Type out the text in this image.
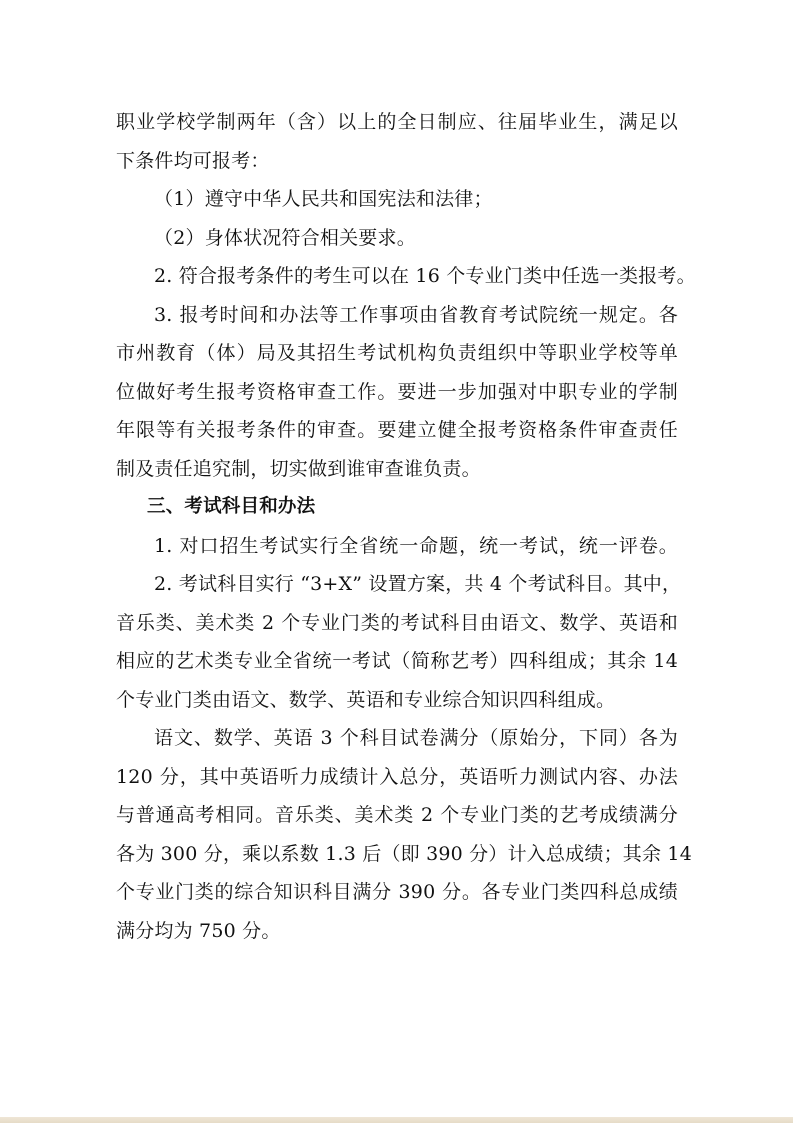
职业学校学制两年（含）以上的全日制应、往届毕业生，满足以
下条件均可报考：
（1）遵守中华人民共和国宪法和法律；
（2）身体状况符合相关要求。
2. 符合报考条件的考生可以在 16 个专业门类中任选一类报考。
3. 报考时间和办法等工作事项由省教育考试院统一规定。各
市州教育（体）局及其招生考试机构负责组织中等职业学校等单
位做好考生报考资格审查工作。要进一步加强对中职专业的学制
年限等有关报考条件的审查。要建立健全报考资格条件审查责任
制及责任追究制，切实做到谁审查谁负责。
三、考试科目和办法
1. 对口招生考试实行全省统一命题，统一考试，统一评卷。
2. 考试科目实行 “3+X” 设置方案，共 4 个考试科目。其中，
音乐类、美术类 2 个专业门类的考试科目由语文、数学、英语和
相应的艺术类专业全省统一考试（简称艺考）四科组成；其余 14
个专业门类由语文、数学、英语和专业综合知识四科组成。
语文、数学、英语 3 个科目试卷满分（原始分，下同）各为
120 分，其中英语听力成绩计入总分，英语听力测试内容、办法
与普通高考相同。音乐类、美术类 2 个专业门类的艺考成绩满分
各为 300 分，乘以系数 1.3 后（即 390 分）计入总成绩；其余 14
个专业门类的综合知识科目满分 390 分。各专业门类四科总成绩
满分均为 750 分。
